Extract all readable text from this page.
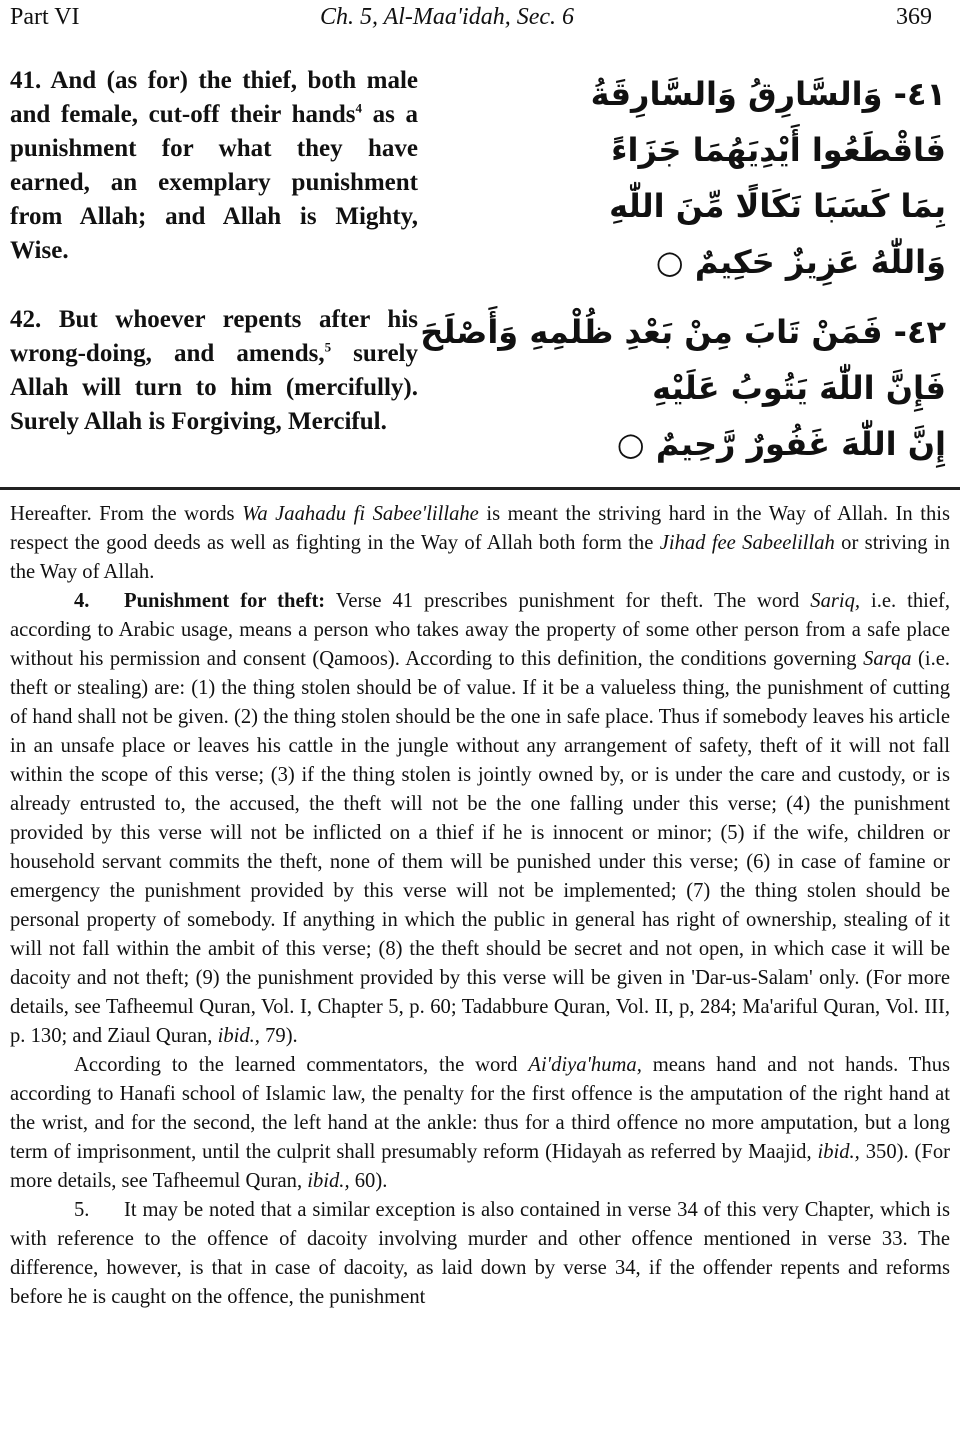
Part VI	Ch. 5, Al-Maa'idah, Sec. 6	369
41. And (as for) the thief, both male and female, cut-off their hands$^4$ as a punishment for what they have earned, an exemplary punishment from Allah; and Allah is Mighty, Wise.
٤١- وَالسَّارِقُ وَالسَّارِقَةُ
فَاقْطَعُوا أَيْدِيَهُمَا جَزَاءً
بِمَا كَسَبَا نَكَالًا مِّنَ اللّٰهِ
وَاللّٰهُ عَزِيزٌ حَكِيمٌ ○
42. But whoever repents after his wrong-doing, and amends,$^5$ surely Allah will turn to him (mercifully). Surely Allah is Forgiving, Merciful.
٤٢- فَمَنْ تَابَ مِنْ بَعْدِ ظُلْمِهِ وَأَصْلَحَ
فَإِنَّ اللّٰهَ يَتُوبُ عَلَيْهِ
إِنَّ اللّٰهَ غَفُورٌ رَّحِيمٌ ○

Hereafter. From the words Wa Jaahadu fi Sabee'lillahe is meant the striving hard in the Way of Allah. In this respect the good deeds as well as fighting in the Way of Allah both form the Jihad fee Sabeelillah or striving in the Way of Allah.

4. Punishment for theft: Verse 41 prescribes punishment for theft. The word Sariq, i.e. thief, according to Arabic usage, means a person who takes away the property of some other person from a safe place without his permission and consent (Qamoos). According to this definition, the conditions governing Sarqa (i.e. theft or stealing) are: (1) the thing stolen should be of value. If it be a valueless thing, the punishment of cutting of hand shall not be given. (2) the thing stolen should be the one in safe place. Thus if somebody leaves his article in an unsafe place or leaves his cattle in the jungle without any arrangement of safety, theft of it will not fall within the scope of this verse; (3) if the thing stolen is jointly owned by, or is under the care and custody, or is already entrusted to, the accused, the theft will not be the one falling under this verse; (4) the punishment provided by this verse will not be inflicted on a thief if he is innocent or minor; (5) if the wife, children or household servant commits the theft, none of them will be punished under this verse; (6) in case of famine or emergency the punishment provided by this verse will not be implemented; (7) the thing stolen should be personal property of somebody. If anything in which the public in general has right of ownership, stealing of it will not fall within the ambit of this verse; (8) the theft should be secret and not open, in which case it will be dacoity and not theft; (9) the punishment provided by this verse will be given in 'Dar-us-Salam' only. (For more details, see Tafheemul Quran, Vol. I, Chapter 5, p. 60; Tadabbure Quran, Vol. II, p, 284; Ma'ariful Quran, Vol. III, p. 130; and Ziaul Quran, ibid., 79).

According to the learned commentators, the word Ai'diya'huma, means hand and not hands. Thus according to Hanafi school of Islamic law, the penalty for the first offence is the amputation of the right hand at the wrist, and for the second, the left hand at the ankle: thus for a third offence no more amputation, but a long term of imprisonment, until the culprit shall presumably reform (Hidayah as referred by Maajid, ibid., 350). (For more details, see Tafheemul Quran, ibid., 60).

5. It may be noted that a similar exception is also contained in verse 34 of this very Chapter, which is with reference to the offence of dacoity involving murder and other offence mentioned in verse 33. The difference, however, is that in case of dacoity, as laid down by verse 34, if the offender repents and reforms before he is caught on the offence, the punishment
